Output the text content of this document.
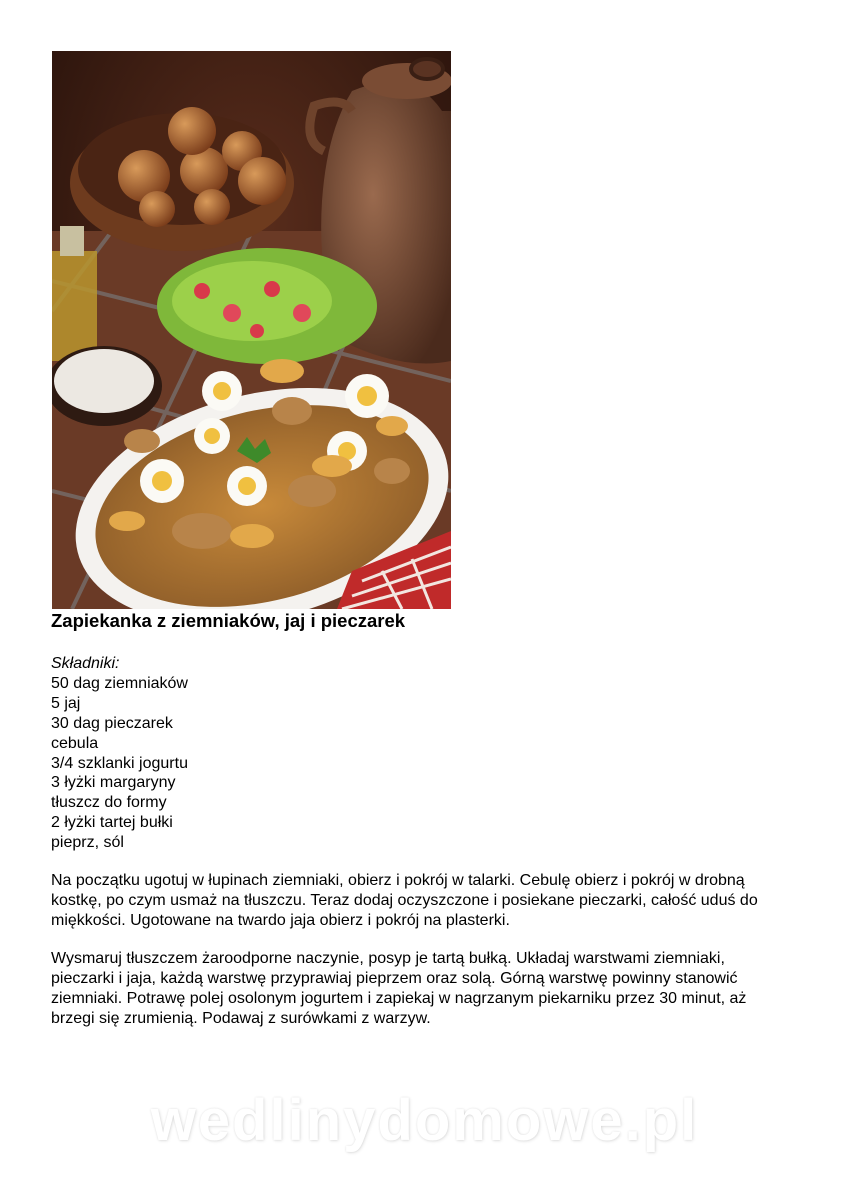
Zapiekanka z ziemniaków, jaj i pieczarek
Składniki:
50 dag ziemniaków
5 jaj
30 dag pieczarek
cebula
3/4 szklanki jogurtu
3 łyżki margaryny
tłuszcz do formy
2 łyżki tartej bułki
pieprz, sól

Na początku ugotuj w łupinach ziemniaki, obierz i pokrój w talarki. Cebulę obierz i pokrój w drobną kostkę, po czym usmaż na tłuszczu. Teraz dodaj oczyszczone i posiekane pieczarki, całość uduś do miękkości. Ugotowane na twardo jaja obierz i pokrój na plasterki.

Wysmaruj tłuszczem żaroodporne naczynie, posyp je tartą bułką. Układaj warstwami ziemniaki, pieczarki i jaja, każdą warstwę przyprawiaj pieprzem oraz solą. Górną warstwę powinny stanowić ziemniaki. Potrawę polej osolonym jogurtem i zapiekaj w nagrzanym piekarniku przez 30 minut, aż brzegi się zrumienią. Podawaj z surówkami z warzyw.

wedlinydomowe.pl
